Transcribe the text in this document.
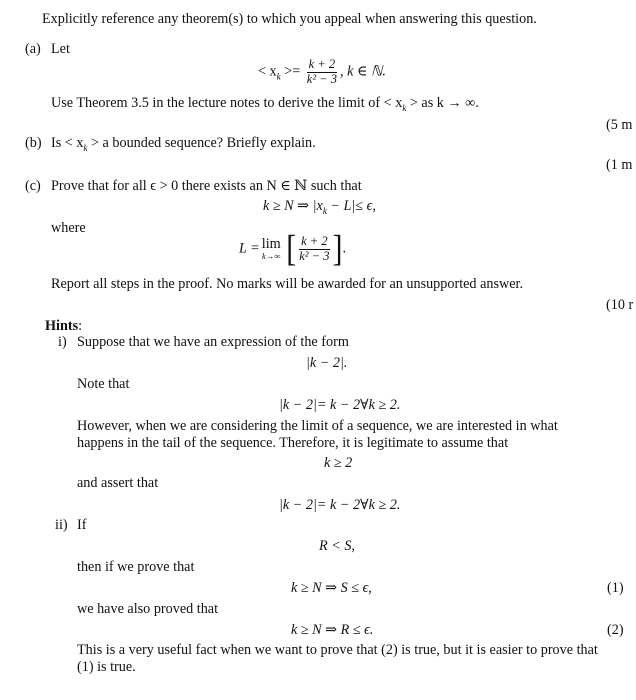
Explicitly reference any theorem(s) to which you appeal when answering this question.
(a) Let
< $x_k >= \frac{k + 2}{\text{k² − 3}}$ , k ∈ ℕ.
Use Theorem 3.5 in the lecture notes to derive the limit of < $x_k$ > as k → ∞.
(5 m
(b) $Is < x_k > a$ bounded sequence? Briefly explain.
(1 m
(c) Prove that for all ϵ > 0 there exists an N ∈ ℕ such that
k ≥ N ⇒ $|x_k - L|\le \epsilon$,
where
L = lim
k→∞ [ $\frac{k + 2}{\text{k² − 3}}$ ].
Report all steps in the proof. No marks will be awarded for an unsupported answer.
(10 r
Hints:
i) Suppose that we have an expression of the form
|k − 2|.
Note that
|k − 2|= k − 2∀k ≥ 2.
However, when we are considering the limit of a sequence, we are interested in what happens in the tail of the sequence. Therefore, it is legitimate to assume that
k ≥ 2
and assert that
|k − 2|= k − 2∀k ≥ 2.
ii) If
R < S,
then if we prove that
k ≥ N ⇒ S ≤ ϵ,	(1)
we have also proved that
k ≥ N ⇒ R ≤ ϵ.	(2)
This is a very useful fact when we want to prove that (2) is true, but it is easier to prove that (1) is true.
